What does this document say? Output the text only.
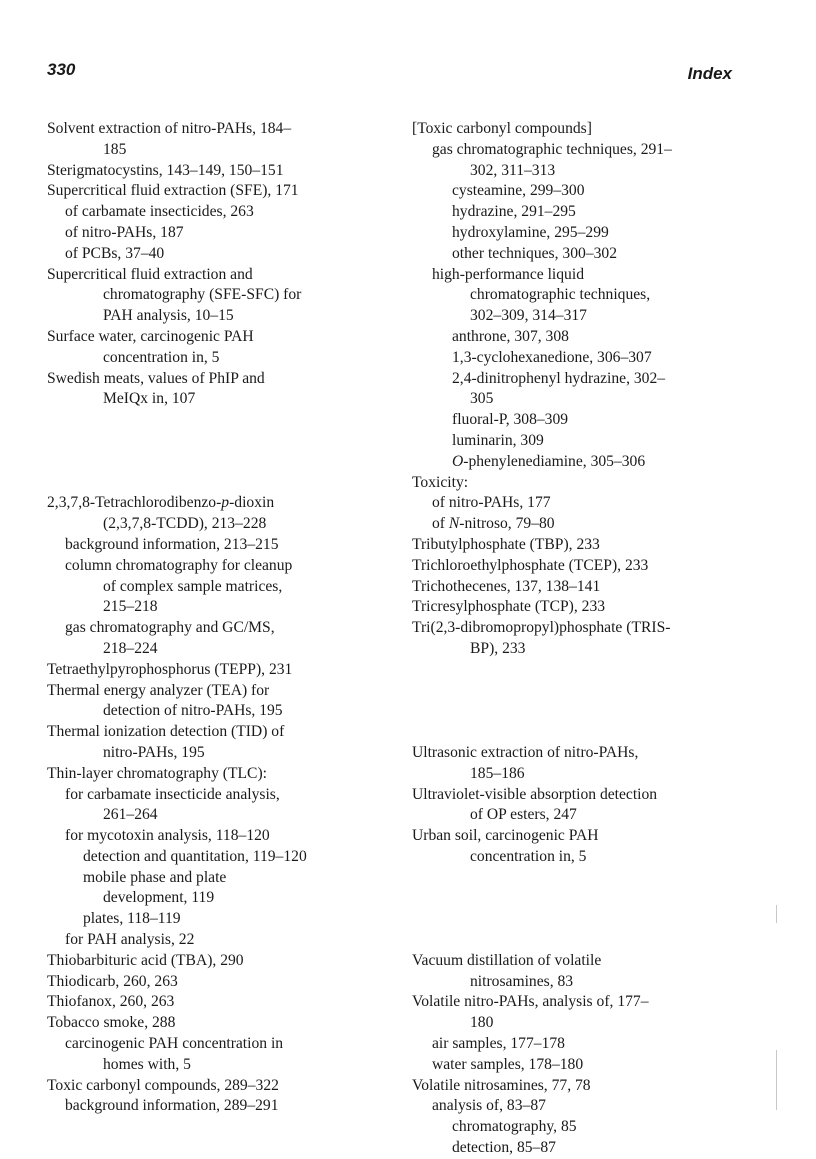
330	Index
Solvent extraction of nitro-PAHs, 184–
185
Sterigmatocystins, 143–149, 150–151
Supercritical fluid extraction (SFE), 171
of carbamate insecticides, 263
of nitro-PAHs, 187
of PCBs, 37–40
Supercritical fluid extraction and
chromatography (SFE-SFC) for
PAH analysis, 10–15
Surface water, carcinogenic PAH
concentration in, 5
Swedish meats, values of PhIP and
MeIQx in, 107
2,3,7,8-Tetrachlorodibenzo-p-dioxin
(2,3,7,8-TCDD), 213–228
background information, 213–215
column chromatography for cleanup
of complex sample matrices,
215–218
gas chromatography and GC/MS,
218–224
Tetraethylpyrophosphorus (TEPP), 231
Thermal energy analyzer (TEA) for
detection of nitro-PAHs, 195
Thermal ionization detection (TID) of
nitro-PAHs, 195
Thin-layer chromatography (TLC):
for carbamate insecticide analysis,
261–264
for mycotoxin analysis, 118–120
detection and quantitation, 119–120
mobile phase and plate
development, 119
plates, 118–119
for PAH analysis, 22
Thiobarbituric acid (TBA), 290
Thiodicarb, 260, 263
Thiofanox, 260, 263
Tobacco smoke, 288
carcinogenic PAH concentration in
homes with, 5
Toxic carbonyl compounds, 289–322
background information, 289–291
[Toxic carbonyl compounds]
gas chromatographic techniques, 291–
302, 311–313
cysteamine, 299–300
hydrazine, 291–295
hydroxylamine, 295–299
other techniques, 300–302
high-performance liquid
chromatographic techniques,
302–309, 314–317
anthrone, 307, 308
1,3-cyclohexanedione, 306–307
2,4-dinitrophenyl hydrazine, 302–
305
fluoral-P, 308–309
luminarin, 309
O-phenylenediamine, 305–306
Toxicity:
of nitro-PAHs, 177
of N-nitroso, 79–80
Tributylphosphate (TBP), 233
Trichloroethylphosphate (TCEP), 233
Trichothecenes, 137, 138–141
Tricresylphosphate (TCP), 233
Tri(2,3-dibromopropyl)phosphate (TRIS-
BP), 233
Ultrasonic extraction of nitro-PAHs,
185–186
Ultraviolet-visible absorption detection
of OP esters, 247
Urban soil, carcinogenic PAH
concentration in, 5
Vacuum distillation of volatile
nitrosamines, 83
Volatile nitro-PAHs, analysis of, 177–
180
air samples, 177–178
water samples, 178–180
Volatile nitrosamines, 77, 78
analysis of, 83–87
chromatography, 85
detection, 85–87
